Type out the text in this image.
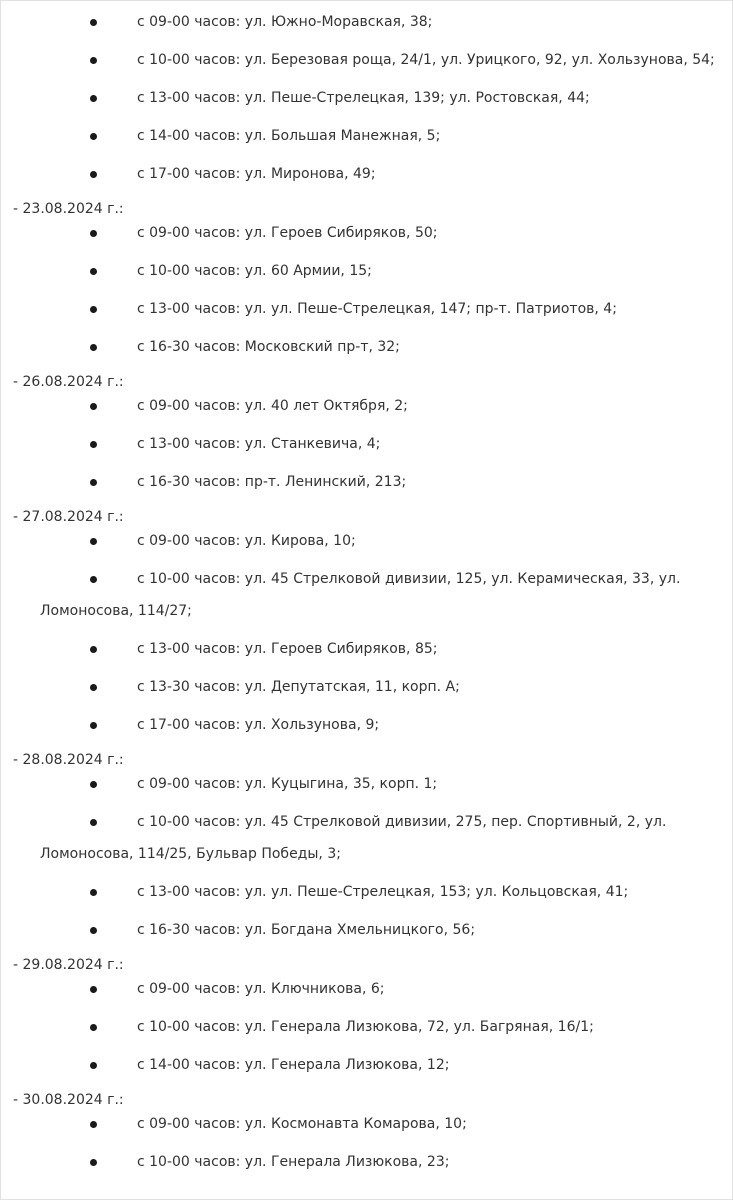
с 09-00 часов: ул. Южно-Моравская, 38;
с 10-00 часов: ул. Березовая роща, 24/1, ул. Урицкого, 92, ул. Хользунова, 54;
с 13-00 часов: ул. Пеше-Стрелецкая, 139; ул. Ростовская, 44;
с 14-00 часов: ул. Большая Манежная, 5;
с 17-00 часов: ул. Миронова, 49;
- 23.08.2024 г.:
с 09-00 часов: ул. Героев Сибиряков, 50;
с 10-00 часов: ул. 60 Армии, 15;
с 13-00 часов: ул. ул. Пеше-Стрелецкая, 147; пр-т. Патриотов, 4;
с 16-30 часов: Московский пр-т, 32;
- 26.08.2024 г.:
с 09-00 часов: ул. 40 лет Октября, 2;
с 13-00 часов: ул. Станкевича, 4;
с 16-30 часов: пр-т. Ленинский, 213;
- 27.08.2024 г.:
с 09-00 часов: ул. Кирова, 10;
с 10-00 часов: ул. 45 Стрелковой дивизии, 125, ул. Керамическая, 33, ул.
Ломоносова, 114/27;
с 13-00 часов: ул. Героев Сибиряков, 85;
с 13-30 часов: ул. Депутатская, 11, корп. А;
с 17-00 часов: ул. Хользунова, 9;
- 28.08.2024 г.:
с 09-00 часов: ул. Куцыгина, 35, корп. 1;
с 10-00 часов: ул. 45 Стрелковой дивизии, 275, пер. Спортивный, 2, ул.
Ломоносова, 114/25, Бульвар Победы, 3;
с 13-00 часов: ул. ул. Пеше-Стрелецкая, 153; ул. Кольцовская, 41;
с 16-30 часов: ул. Богдана Хмельницкого, 56;
- 29.08.2024 г.:
с 09-00 часов: ул. Ключникова, 6;
с 10-00 часов: ул. Генерала Лизюкова, 72, ул. Багряная, 16/1;
с 14-00 часов: ул. Генерала Лизюкова, 12;
- 30.08.2024 г.:
с 09-00 часов: ул. Космонавта Комарова, 10;
с 10-00 часов: ул. Генерала Лизюкова, 23;
